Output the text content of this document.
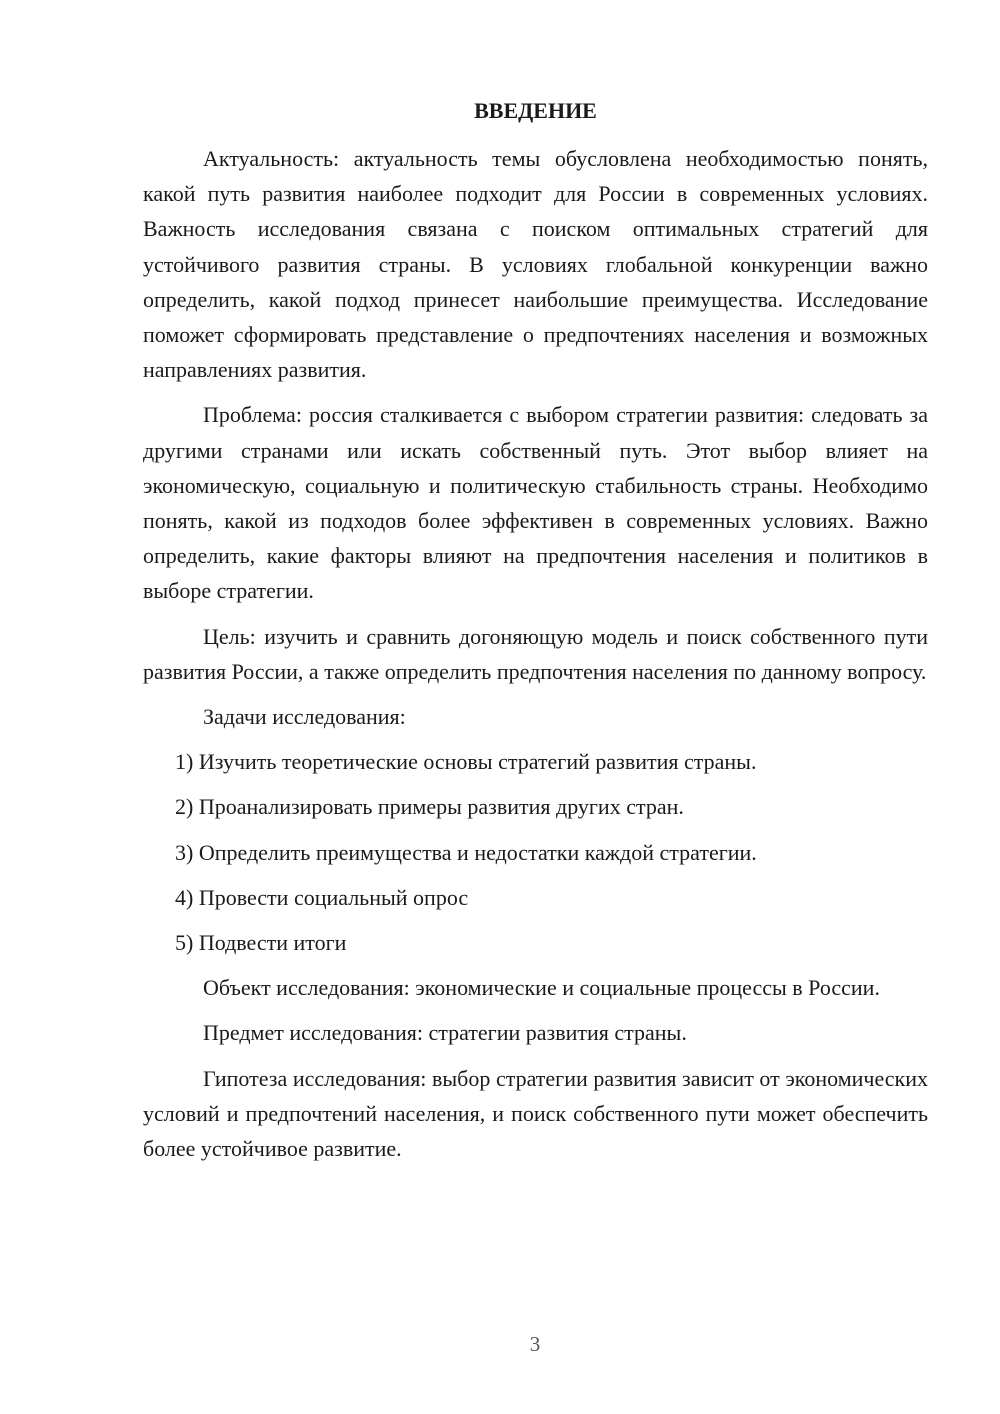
ВВЕДЕНИЕ

Актуальность: актуальность темы обусловлена необходимостью понять, какой путь развития наиболее подходит для России в современных условиях. Важность исследования связана с поиском оптимальных стратегий для устойчивого развития страны. В условиях глобальной конкуренции важно определить, какой подход принесет наибольшие преимущества. Исследование поможет сформировать представление о предпочтениях населения и возможных направлениях развития.

Проблема: россия сталкивается с выбором стратегии развития: следовать за другими странами или искать собственный путь. Этот выбор влияет на экономическую, социальную и политическую стабильность страны. Необходимо понять, какой из подходов более эффективен в современных условиях. Важно определить, какие факторы влияют на предпочтения населения и политиков в выборе стратегии.

Цель: изучить и сравнить догоняющую модель и поиск собственного пути развития России, а также определить предпочтения населения по данному вопросу.

Задачи исследования:

1) Изучить теоретические основы стратегий развития страны.

2) Проанализировать примеры развития других стран.

3) Определить преимущества и недостатки каждой стратегии.

4) Провести социальный опрос

5) Подвести итоги

Объект исследования: экономические и социальные процессы в России.

Предмет исследования: стратегии развития страны.

Гипотеза исследования: выбор стратегии развития зависит от экономических условий и предпочтений населения, и поиск собственного пути может обеспечить более устойчивое развитие.

3
